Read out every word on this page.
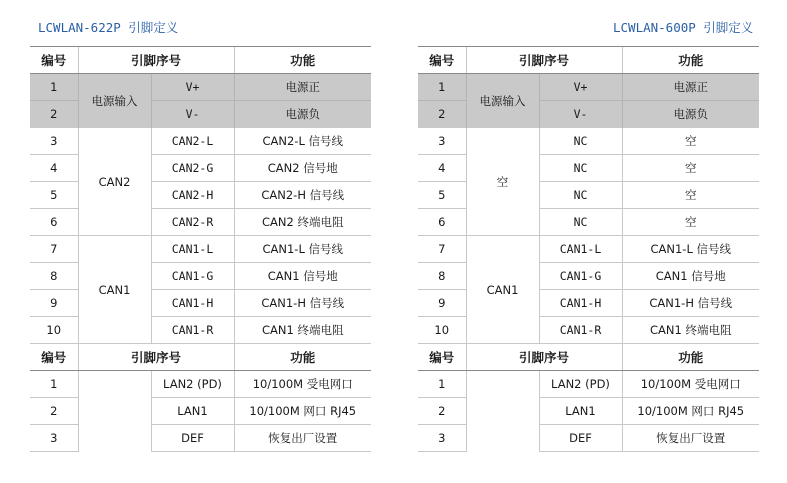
LCWLAN-622P 引脚定义
编号	引脚序号		功能
1	电源输入	V+	电源正
2		V-	电源负
3	CAN2	CAN2-L	CAN2-L 信号线
4		CAN2-G	CAN2 信号地
5		CAN2-H	CAN2-H 信号线
6		CAN2-R	CAN2 终端电阻
7	CAN1	CAN1-L	CAN1-L 信号线
8		CAN1-G	CAN1 信号地
9		CAN1-H	CAN1-H 信号线
10		CAN1-R	CAN1 终端电阻
编号	引脚序号		功能
1		LAN2 (PD)	10/100M 受电网口
2		LAN1	10/100M 网口 RJ45
3		DEF	恢复出厂设置
LCWLAN-600P 引脚定义
编号	引脚序号		功能
1	电源输入	V+	电源正
2		V-	电源负
3	空	NC	空
4		NC	空
5		NC	空
6		NC	空
7	CAN1	CAN1-L	CAN1-L 信号线
8		CAN1-G	CAN1 信号地
9		CAN1-H	CAN1-H 信号线
10		CAN1-R	CAN1 终端电阻
编号	引脚序号		功能
1		LAN2 (PD)	10/100M 受电网口
2		LAN1	10/100M 网口 RJ45
3		DEF	恢复出厂设置
